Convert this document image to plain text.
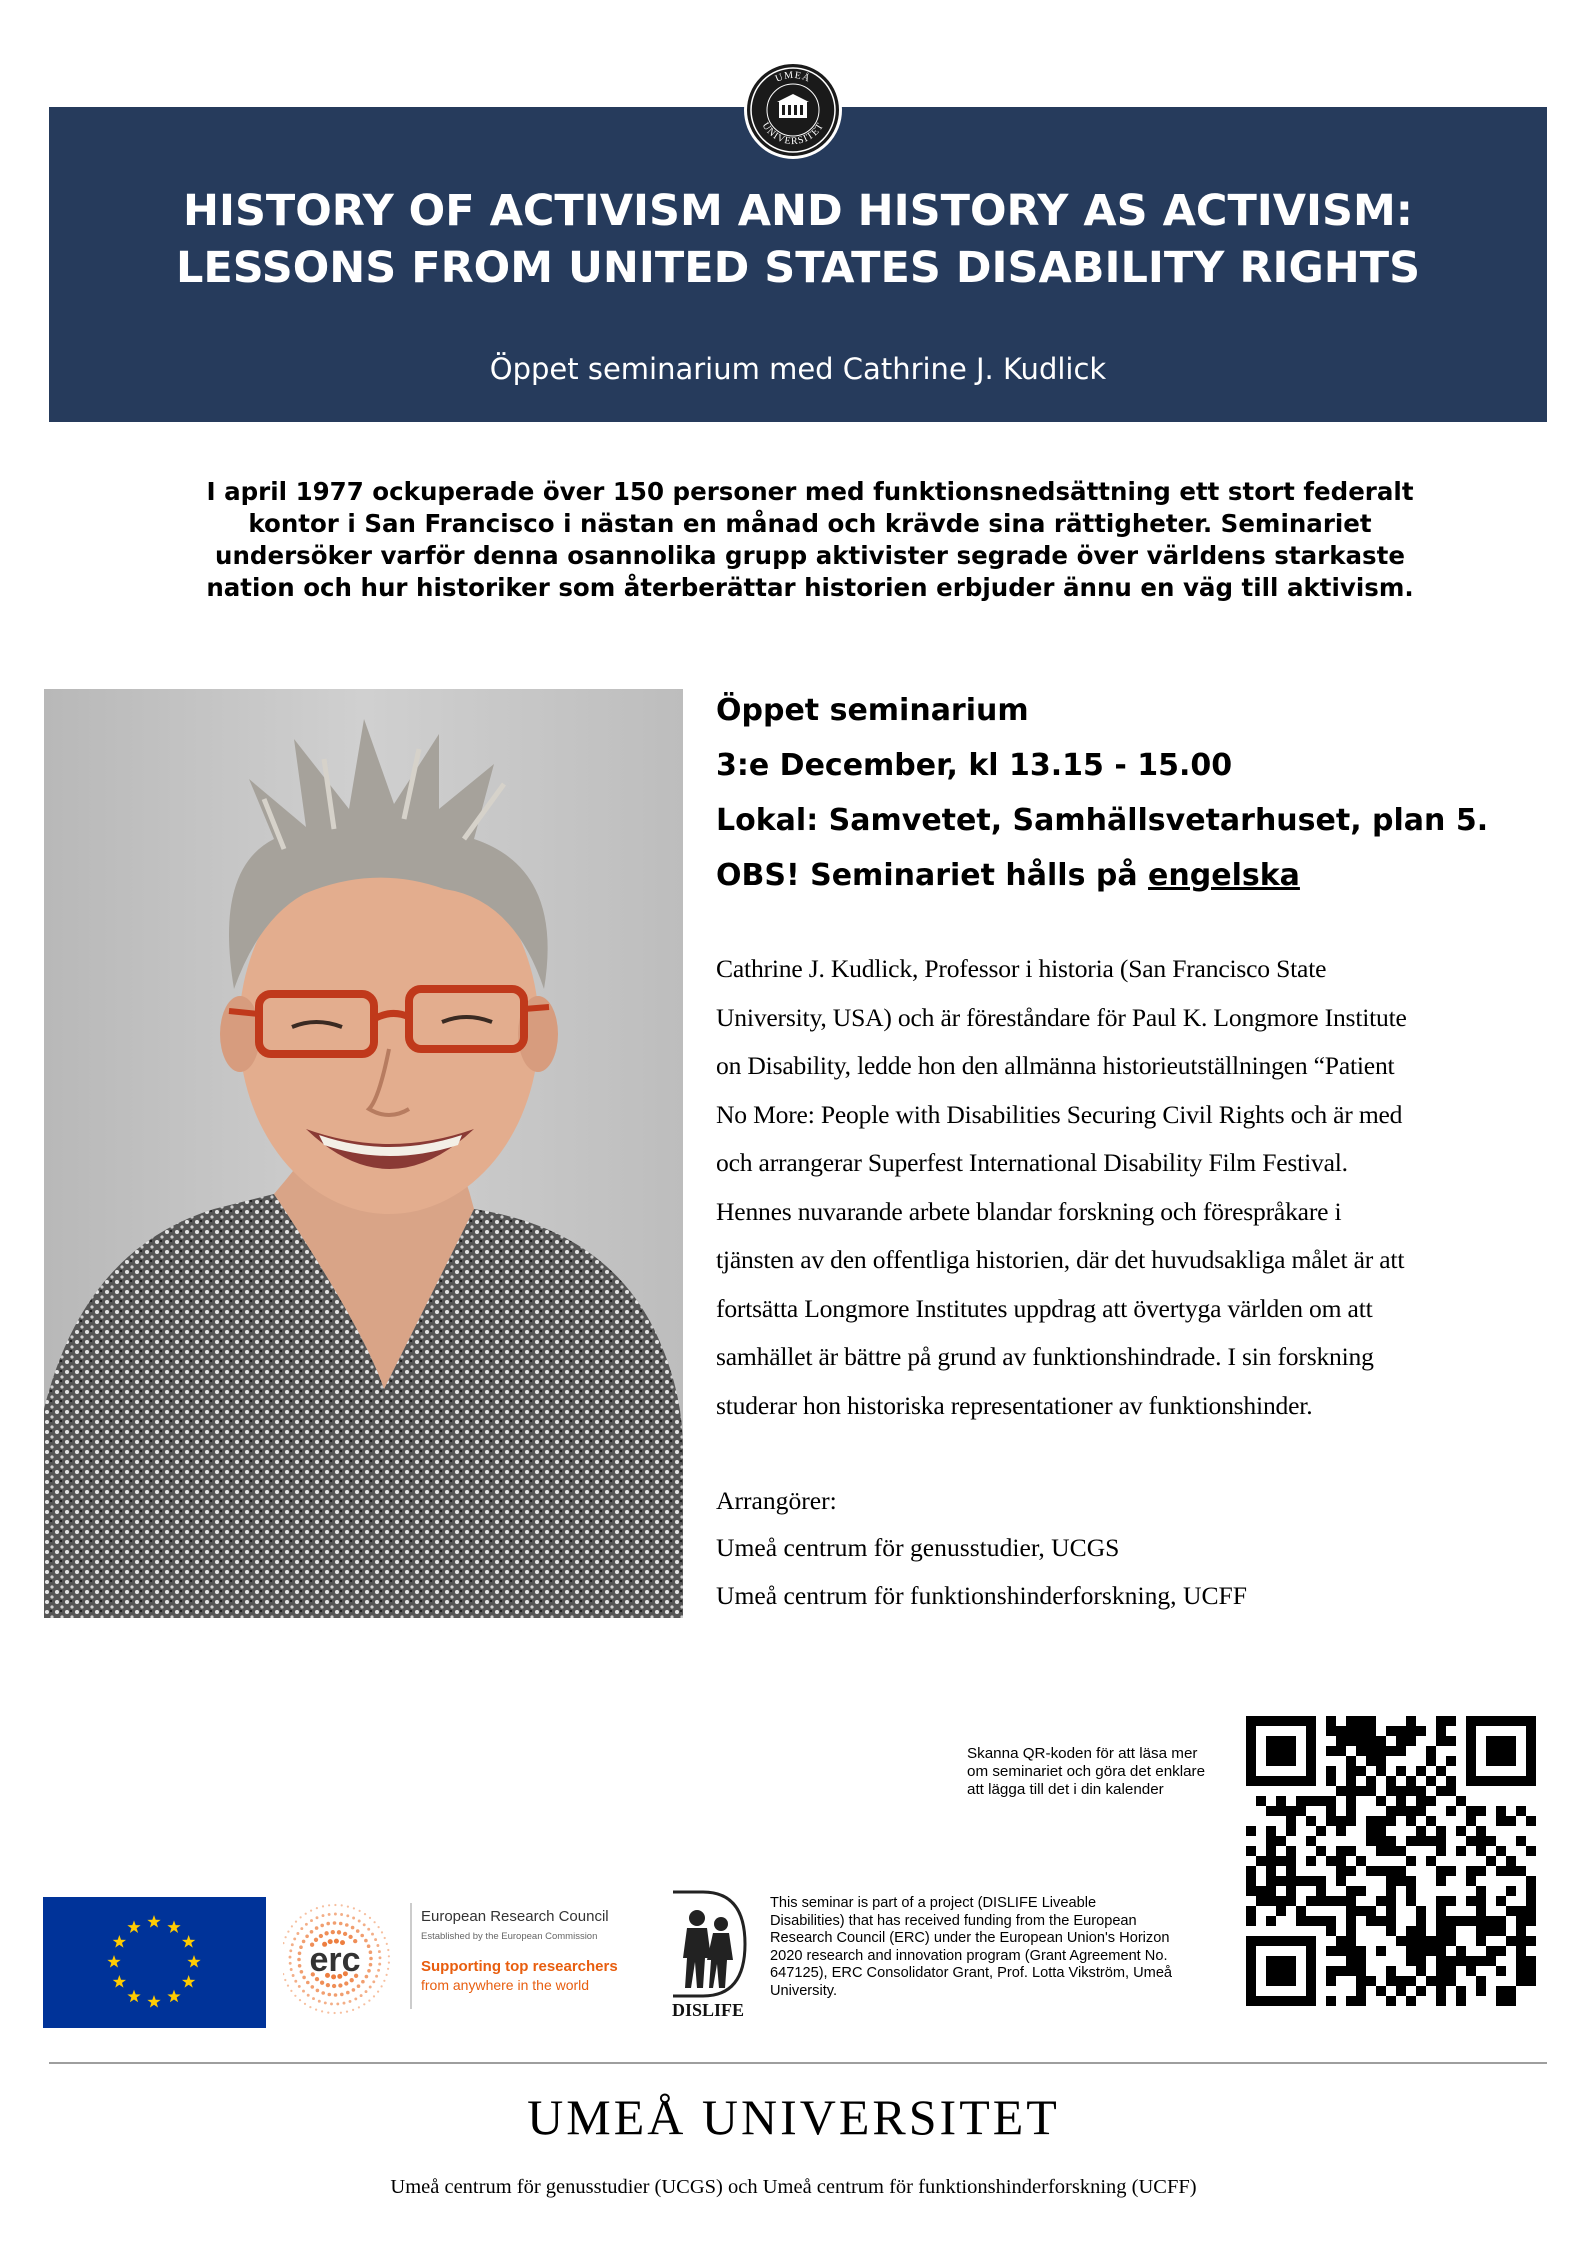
UMEÅ
UNIVERSITET
HISTORY OF ACTIVISM AND HISTORY AS ACTIVISM:
LESSONS FROM UNITED STATES DISABILITY RIGHTS
Öppet seminarium med Cathrine J. Kudlick
I april 1977 ockuperade över 150 personer med funktionsnedsättning ett stort federalt
kontor i San Francisco i nästan en månad och krävde sina rättigheter. Seminariet
undersöker varför denna osannolika grupp aktivister segrade över världens starkaste
nation och hur historiker som återberättar historien erbjuder ännu en väg till aktivism.
Öppet seminarium
3:e December, kl 13.15 - 15.00
Lokal: Samvetet, Samhällsvetarhuset, plan 5.
OBS! Seminariet hålls på engelska
Cathrine J. Kudlick, Professor i historia (San Francisco State
University, USA) och är föreståndare för Paul K. Longmore Institute
on Disability, ledde hon den allmänna historieutställningen “Patient
No More: People with Disabilities Securing Civil Rights och är med
och arrangerar Superfest International Disability Film Festival.
Hennes nuvarande arbete blandar forskning och förespråkare i
tjänsten av den offentliga historien, där det huvudsakliga målet är att
fortsätta Longmore Institutes uppdrag att övertyga världen om att
samhället är bättre på grund av funktionshindrade. I sin forskning
studerar hon historiska representationer av funktionshinder.
Arrangörer:
Umeå centrum för genusstudier, UCGS
Umeå centrum för funktionshinderforskning, UCFF
Skanna QR-koden för att läsa mer
om seminariet och göra det enklare
att lägga till det i din kalender
erc
European Research Council
Established by the European Commission
Supporting top researchers
from anywhere in the world
DISLIFE
This seminar is part of a project (DISLIFE Liveable
Disabilities) that has received funding from the European
Research Council (ERC) under the European Union's Horizon
2020 research and innovation program (Grant Agreement No.
647125), ERC Consolidator Grant, Prof. Lotta Vikström, Umeå
University.
UMEÅ UNIVERSITET
Umeå centrum för genusstudier (UCGS) och Umeå centrum för funktionshinderforskning (UCFF)
